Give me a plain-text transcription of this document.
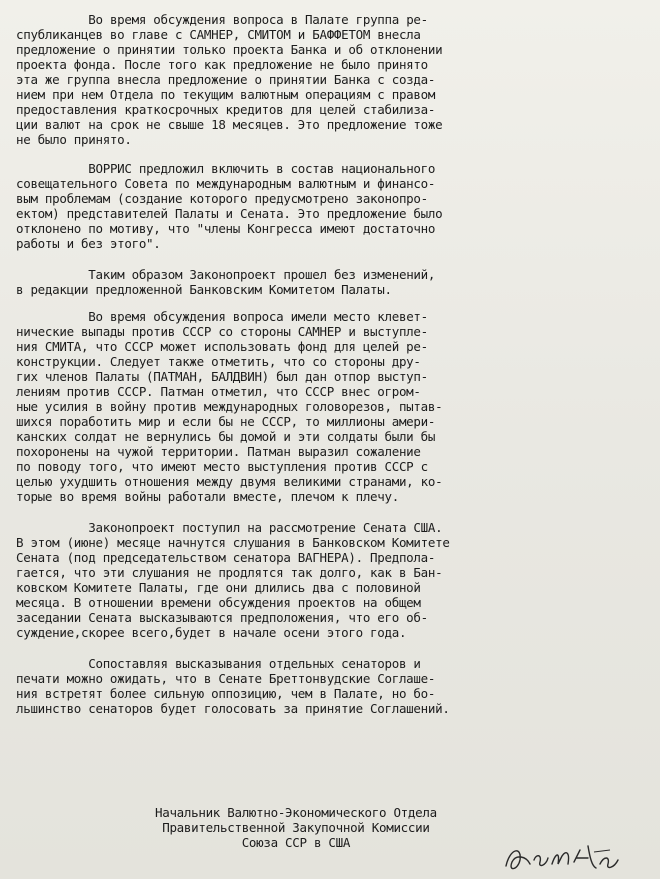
Во время обсуждения вопроса в Палате группа ре-
спубликанцев во главе с САМНЕР, СМИТОМ и БАФФЕТОМ внесла
предложение о принятии только проекта Банка и об отклонении
проекта фонда. После того как предложение не было принято
эта же группа внесла предложение о принятии Банка с созда-
нием при нем Отдела по текущим валютным операциям с правом
предоставления краткосрочных кредитов для целей стабилиза-
ции валют на срок не свыше 18 месяцев. Это предложение тоже
не было принято.

ВОРРИС предложил включить в состав национального
совещательного Совета по международным валютным и финансо-
вым проблемам (создание которого предусмотрено законопро-
ектом) представителей Палаты и Сената. Это предложение было
отклонено по мотиву, что "члены Конгресса имеют достаточно
работы и без этого".

Таким образом Законопроект прошел без изменений,
в редакции предложенной Банковским Комитетом Палаты.

Во время обсуждения вопроса имели место клевет-
нические выпады против СССР со стороны САМНЕР и выступле-
ния СМИТА, что СССР может использовать фонд для целей ре-
конструкции. Следует также отметить, что со стороны дру-
гих членов Палаты (ПАТМАН, БАЛДВИН) был дан отпор выступ-
лениям против СССР. Патман отметил, что СССР внес огром-
ные усилия в войну против международных головорезов, пытав-
шихся поработить мир и если бы не СССР, то миллионы амери-
канских солдат не вернулись бы домой и эти солдаты были бы
похоронены на чужой территории. Патман выразил сожаление
по поводу того, что имеют место выступления против СССР с
целью ухудшить отношения между двумя великими странами, ко-
торые во время войны работали вместе, плечом к плечу.

Законопроект поступил на рассмотрение Сената США.
В этом (июне) месяце начнутся слушания в Банковском Комитете
Сената (под председательством сенатора ВАГНЕРА). Предпола-
гается, что эти слушания не продлятся так долго, как в Бан-
ковском Комитете Палаты, где они длились два с половиной
месяца. В отношении времени обсуждения проектов на общем
заседании Сената высказываются предположения, что его об-
суждение,скорее всего,будет в начале осени этого года.

Сопоставляя высказывания отдельных сенаторов и
печати можно ожидать, что в Сенате Бреттонвудские Соглаше-
ния встретят более сильную оппозицию, чем в Палате, но бо-
льшинство сенаторов будет голосовать за принятие Соглашений.

Начальник Валютно-Экономического Отдела
Правительственной Закупочной Комиссии
Союза ССР в США
